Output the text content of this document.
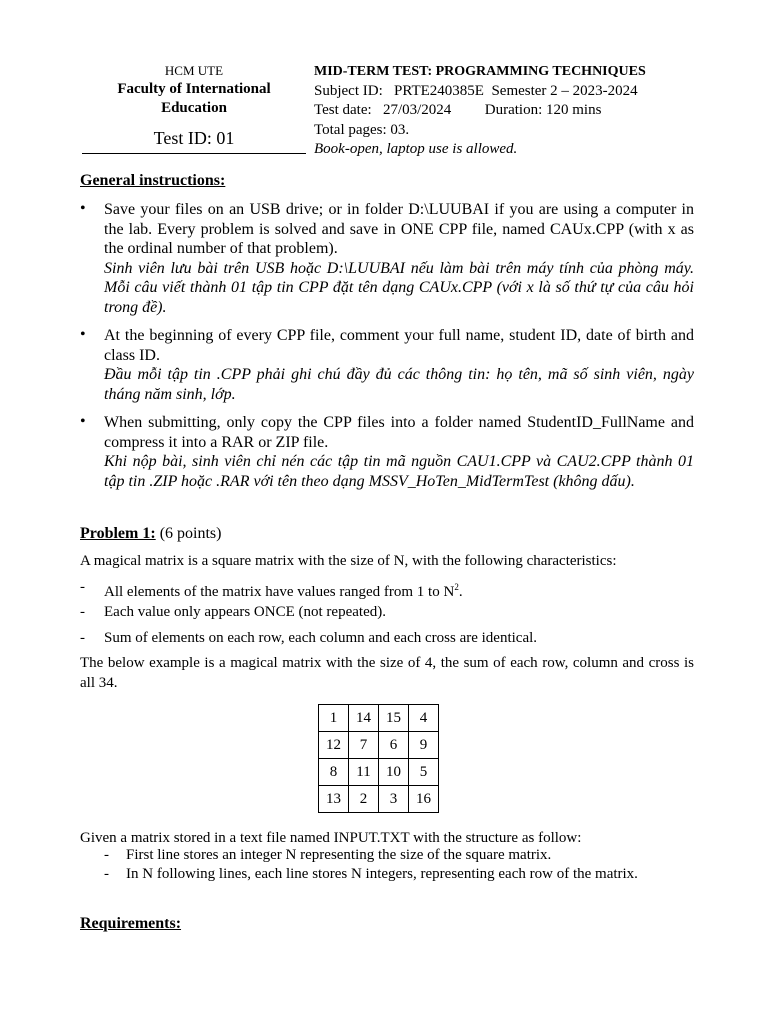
HCM UTE
Faculty of International
Education
Test ID: 01
MID-TERM TEST: PROGRAMMING TECHNIQUES
Subject ID: PRTE240385E Semester 2 – 2023-2024
Test date: 27/03/2024 Duration: 120 mins
Total pages: 03.
Book-open, laptop use is allowed.
General instructions:
• Save your files on an USB drive; or in folder D:\LUUBAI if you are using a computer in the lab. Every problem is solved and save in ONE CPP file, named CAUx.CPP (with x as the ordinal number of that problem).

Sinh viên lưu bài trên USB hoặc D:\LUUBAI nếu làm bài trên máy tính của phòng máy. Mỗi câu viết thành 01 tập tin CPP đặt tên dạng CAUx.CPP (với x là số thứ tự của câu hỏi trong đề).

• At the beginning of every CPP file, comment your full name, student ID, date of birth and class ID.

Đầu mỗi tập tin .CPP phải ghi chú đầy đủ các thông tin: họ tên, mã số sinh viên, ngày tháng năm sinh, lớp.

• When submitting, only copy the CPP files into a folder named StudentID_FullName and compress it into a RAR or ZIP file.

Khi nộp bài, sinh viên chỉ nén các tập tin mã nguồn CAU1.CPP và CAU2.CPP thành 01 tập tin .ZIP hoặc .RAR với tên theo dạng MSSV_HoTen_MidTermTest (không dấu).

Problem 1: (6 points)
A magical matrix is a square matrix with the size of N, with the following characteristics:
- All elements of the matrix have values ranged from 1 to $N^2$.
- Each value only appears ONCE (not repeated).
- Sum of elements on each row, each column and each cross are identical.
The below example is a magical matrix with the size of 4, the sum of each row, column and cross is all 34.
1	14	15	4
12	7	6	9
8	11	10	5
13	2	3	16
Given a matrix stored in a text file named INPUT.TXT with the structure as follow:
- First line stores an integer N representing the size of the square matrix.
- In N following lines, each line stores N integers, representing each row of the matrix.
Requirements:
